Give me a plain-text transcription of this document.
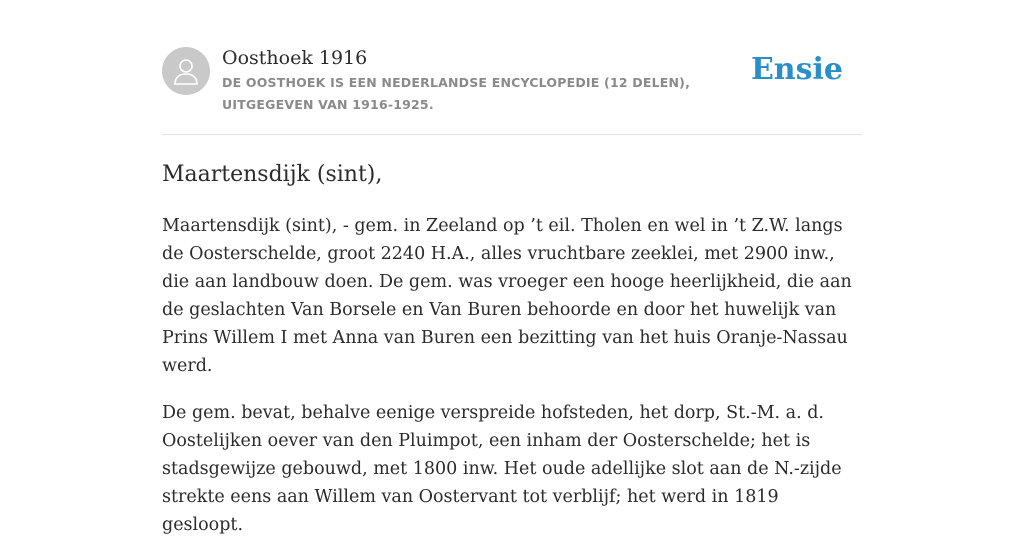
Oosthoek 1916
DE OOSTHOEK IS EEN NEDERLANDSE ENCYCLOPEDIE (12 DELEN), UITGEGEVEN VAN 1916-1925.
Ensie
Maartensdijk (sint),

Maartensdijk (sint), - gem. in Zeeland op ’t eil. Tholen en wel in ’t Z.W. langs de Oosterschelde, groot 2240 H.A., alles vruchtbare zeeklei, met 2900 inw., die aan landbouw doen. De gem. was vroeger een hooge heerlijkheid, die aan de geslachten Van Borsele en Van Buren behoorde en door het huwelijk van Prins Willem I met Anna van Buren een bezitting van het huis Oranje-Nassau werd.

De gem. bevat, behalve eenige verspreide hofsteden, het dorp, St.-M. a. d. Oostelijken oever van den Pluimpot, een inham der Oosterschelde; het is stadsgewijze gebouwd, met 1800 inw. Het oude adellijke slot aan de N.-zijde strekte eens aan Willem van Oostervant tot verblijf; het werd in 1819 gesloopt.
